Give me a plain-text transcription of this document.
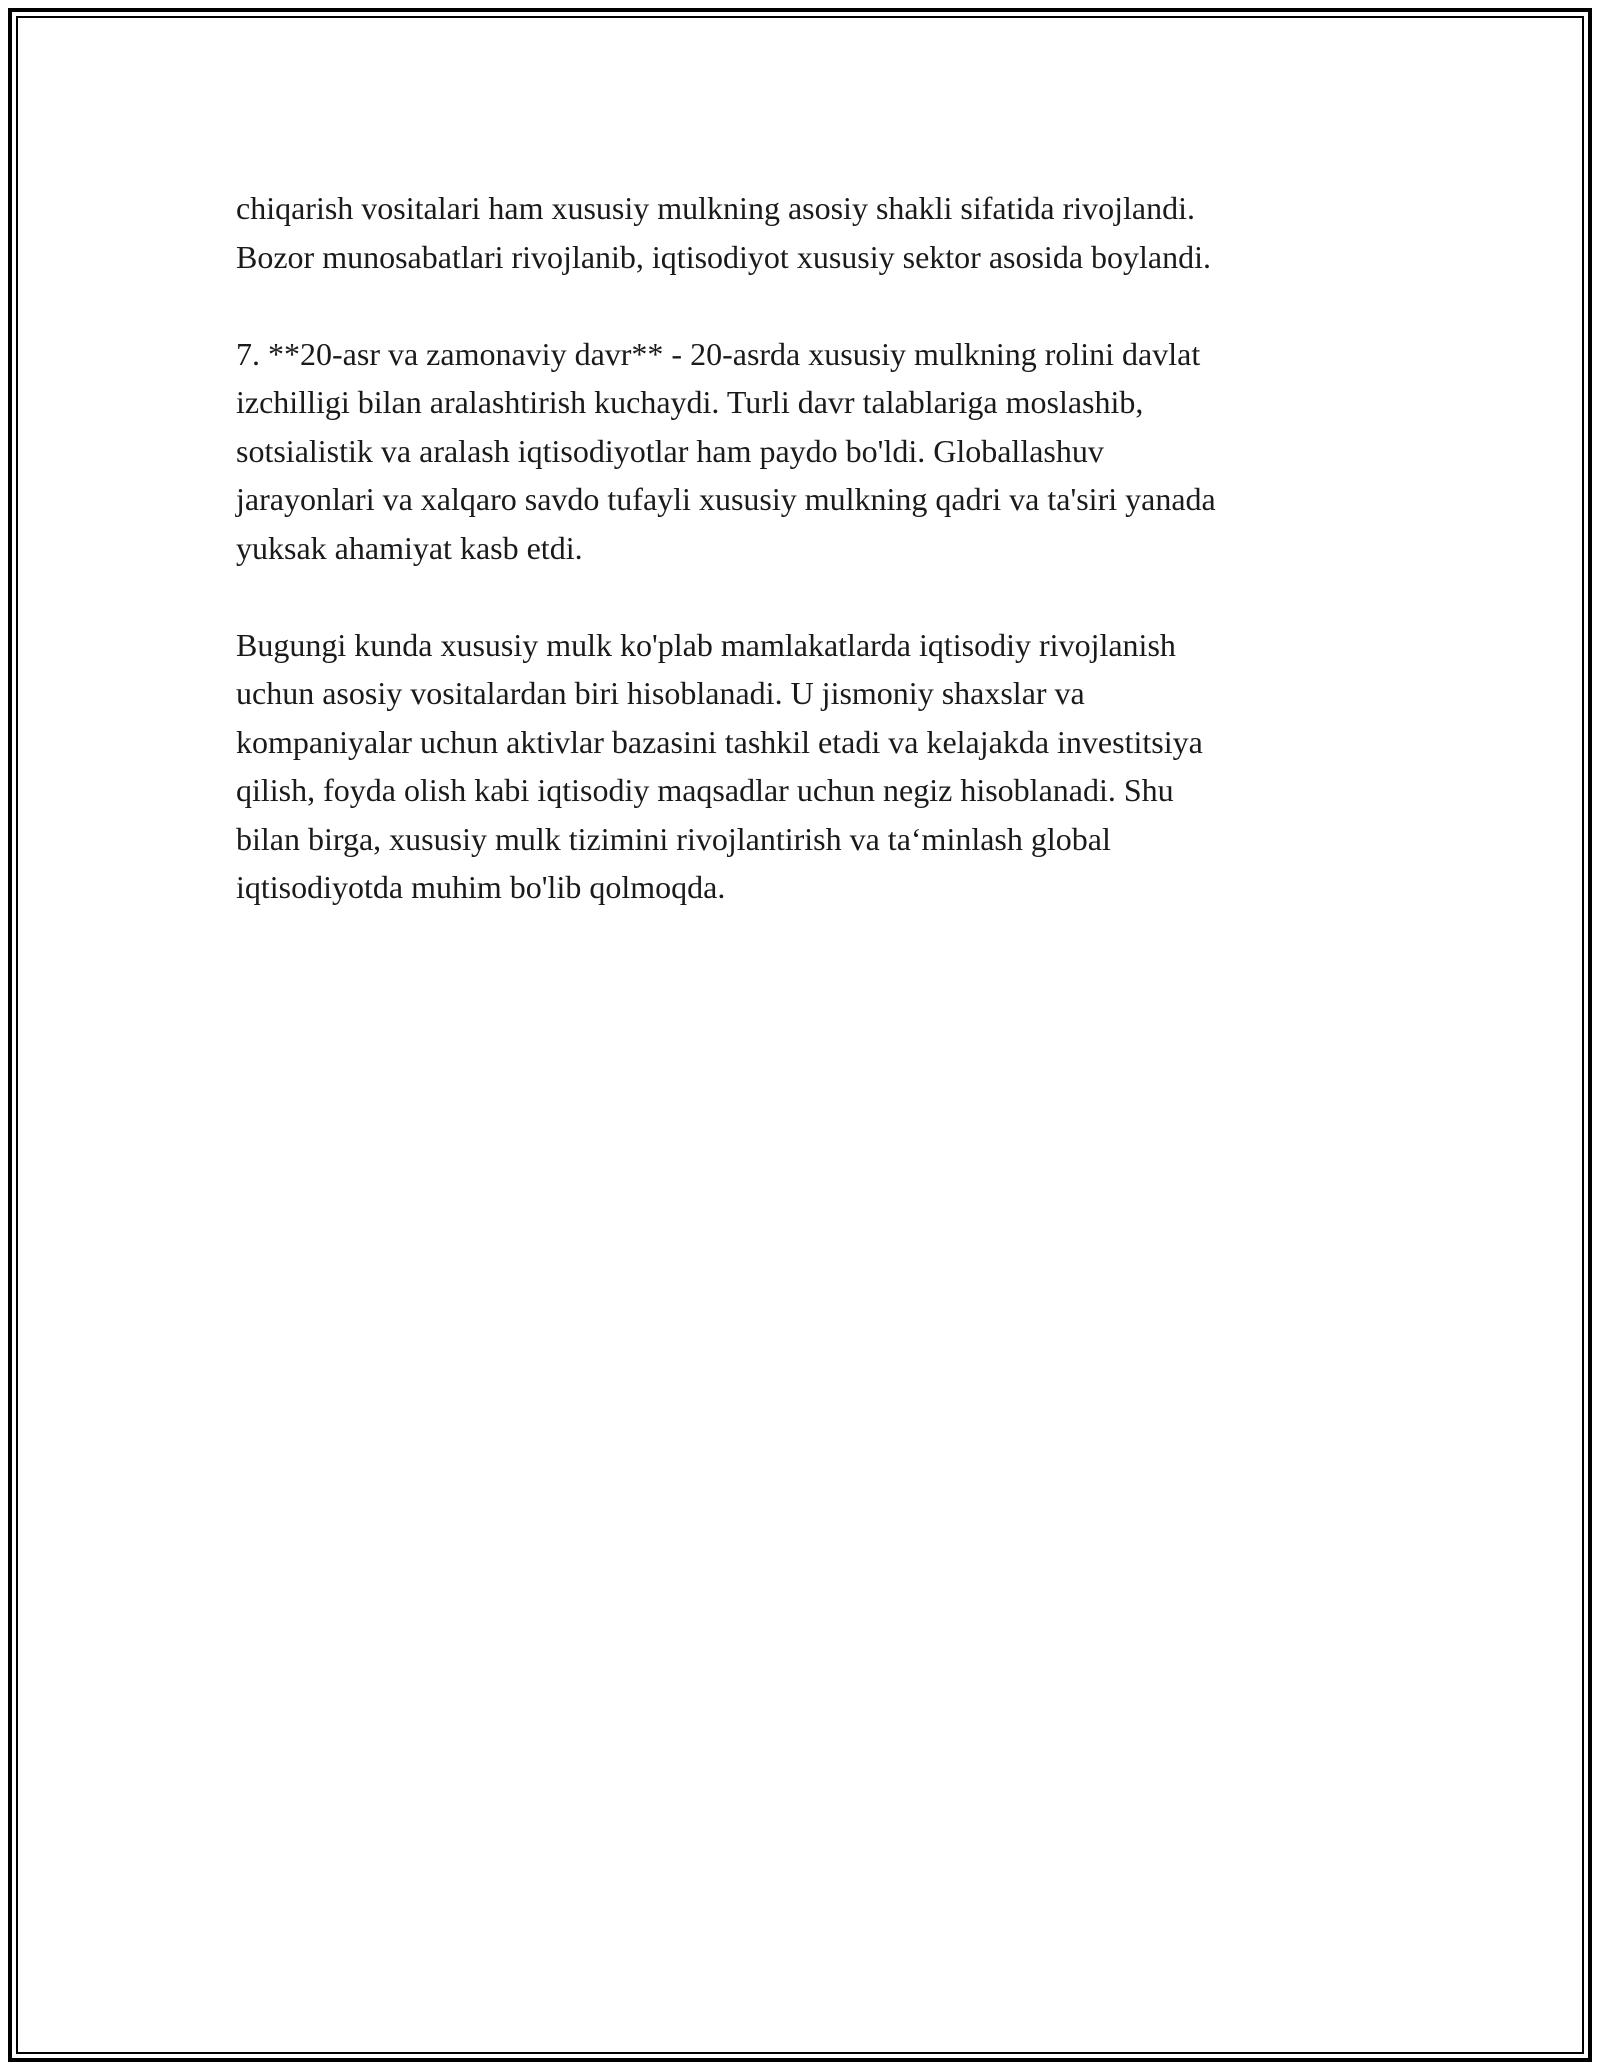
chiqarish vositalari ham xususiy mulkning asosiy shakli sifatida rivojlandi.
Bozor munosabatlari rivojlanib, iqtisodiyot xususiy sektor asosida boylandi.

7. **20-asr va zamonaviy davr** - 20-asrda xususiy mulkning rolini davlat
izchilligi bilan aralashtirish kuchaydi. Turli davr talablariga moslashib,
sotsialistik va aralash iqtisodiyotlar ham paydo bo'ldi. Globallashuv
jarayonlari va xalqaro savdo tufayli xususiy mulkning qadri va ta'siri yanada
yuksak ahamiyat kasb etdi.

Bugungi kunda xususiy mulk ko'plab mamlakatlarda iqtisodiy rivojlanish
uchun asosiy vositalardan biri hisoblanadi. U jismoniy shaxslar va
kompaniyalar uchun aktivlar bazasini tashkil etadi va kelajakda investitsiya
qilish, foyda olish kabi iqtisodiy maqsadlar uchun negiz hisoblanadi. Shu
bilan birga, xususiy mulk tizimini rivojlantirish va ta‘minlash global
iqtisodiyotda muhim bo'lib qolmoqda.
